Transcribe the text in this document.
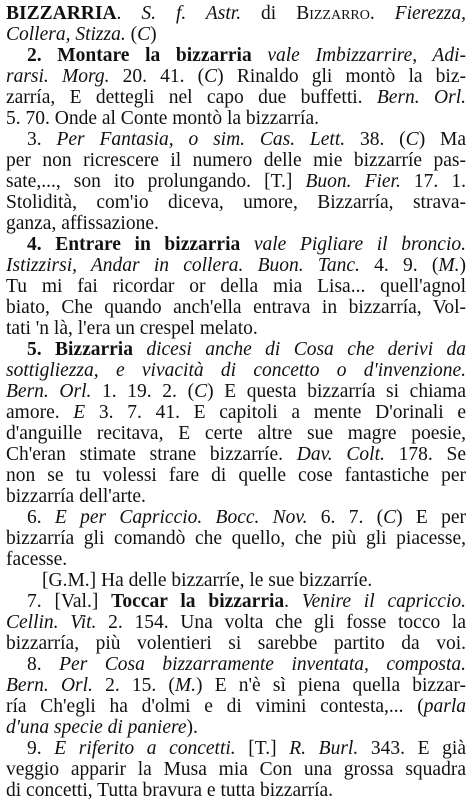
BIZZARRIA. S. f. Astr. di Bizzarro. Fierezza,
Collera, Stizza. (C)
2. Montare la bizzarria vale Imbizzarrire, Adi-
rarsi. Morg. 20. 41. (C) Rinaldo gli montò la biz-
zarría, E dettegli nel capo due buffetti. Bern. Orl.
5. 70. Onde al Conte montò la bizzarría.
3. Per Fantasia, o sim. Cas. Lett. 38. (C) Ma
per non ricrescere il numero delle mie bizzarríe pas-
sate,..., son ito prolungando. [T.] Buon. Fier. 17. 1.
Stolidità, com'io diceva, umore, Bizzarría, strava-
ganza, affissazione.
4. Entrare in bizzarria vale Pigliare il broncio.
Istizzirsi, Andar in collera. Buon. Tanc. 4. 9. (M.)
Tu mi fai ricordar or della mia Lisa... quell'agnol
biato, Che quando anch'ella entrava in bizzarría, Vol-
tati 'n là, l'era un crespel melato.
5. Bizzarria dicesi anche di Cosa che derivi da
sottigliezza, e vivacità di concetto o d'invenzione.
Bern. Orl. 1. 19. 2. (C) E questa bizzarría si chiama
amore. E 3. 7. 41. E capitoli a mente D'orinali e
d'anguille recitava, E certe altre sue magre poesie,
Ch'eran stimate strane bizzarríe. Dav. Colt. 178. Se
non se tu volessi fare di quelle cose fantastiche per
bizzarría dell'arte.
6. E per Capriccio. Bocc. Nov. 6. 7. (C) E per
bizzarría gli comandò che quello, che più gli piacesse,
facesse.
[G.M.] Ha delle bizzarríe, le sue bizzarríe.
7. [Val.] Toccar la bizzarria. Venire il capriccio.
Cellin. Vit. 2. 154. Una volta che gli fosse tocco la
bizzarría, più volentieri si sarebbe partito da voi.
8. Per Cosa bizzarramente inventata, composta.
Bern. Orl. 2. 15. (M.) E n'è sì piena quella bizzar-
ría Ch'egli ha d'olmi e di vimini contesta,... (parla
d'una specie di paniere).
9. E riferito a concetti. [T.] R. Burl. 343. E già
veggio apparir la Musa mia Con una grossa squadra
di concetti, Tutta bravura e tutta bizzarría.
